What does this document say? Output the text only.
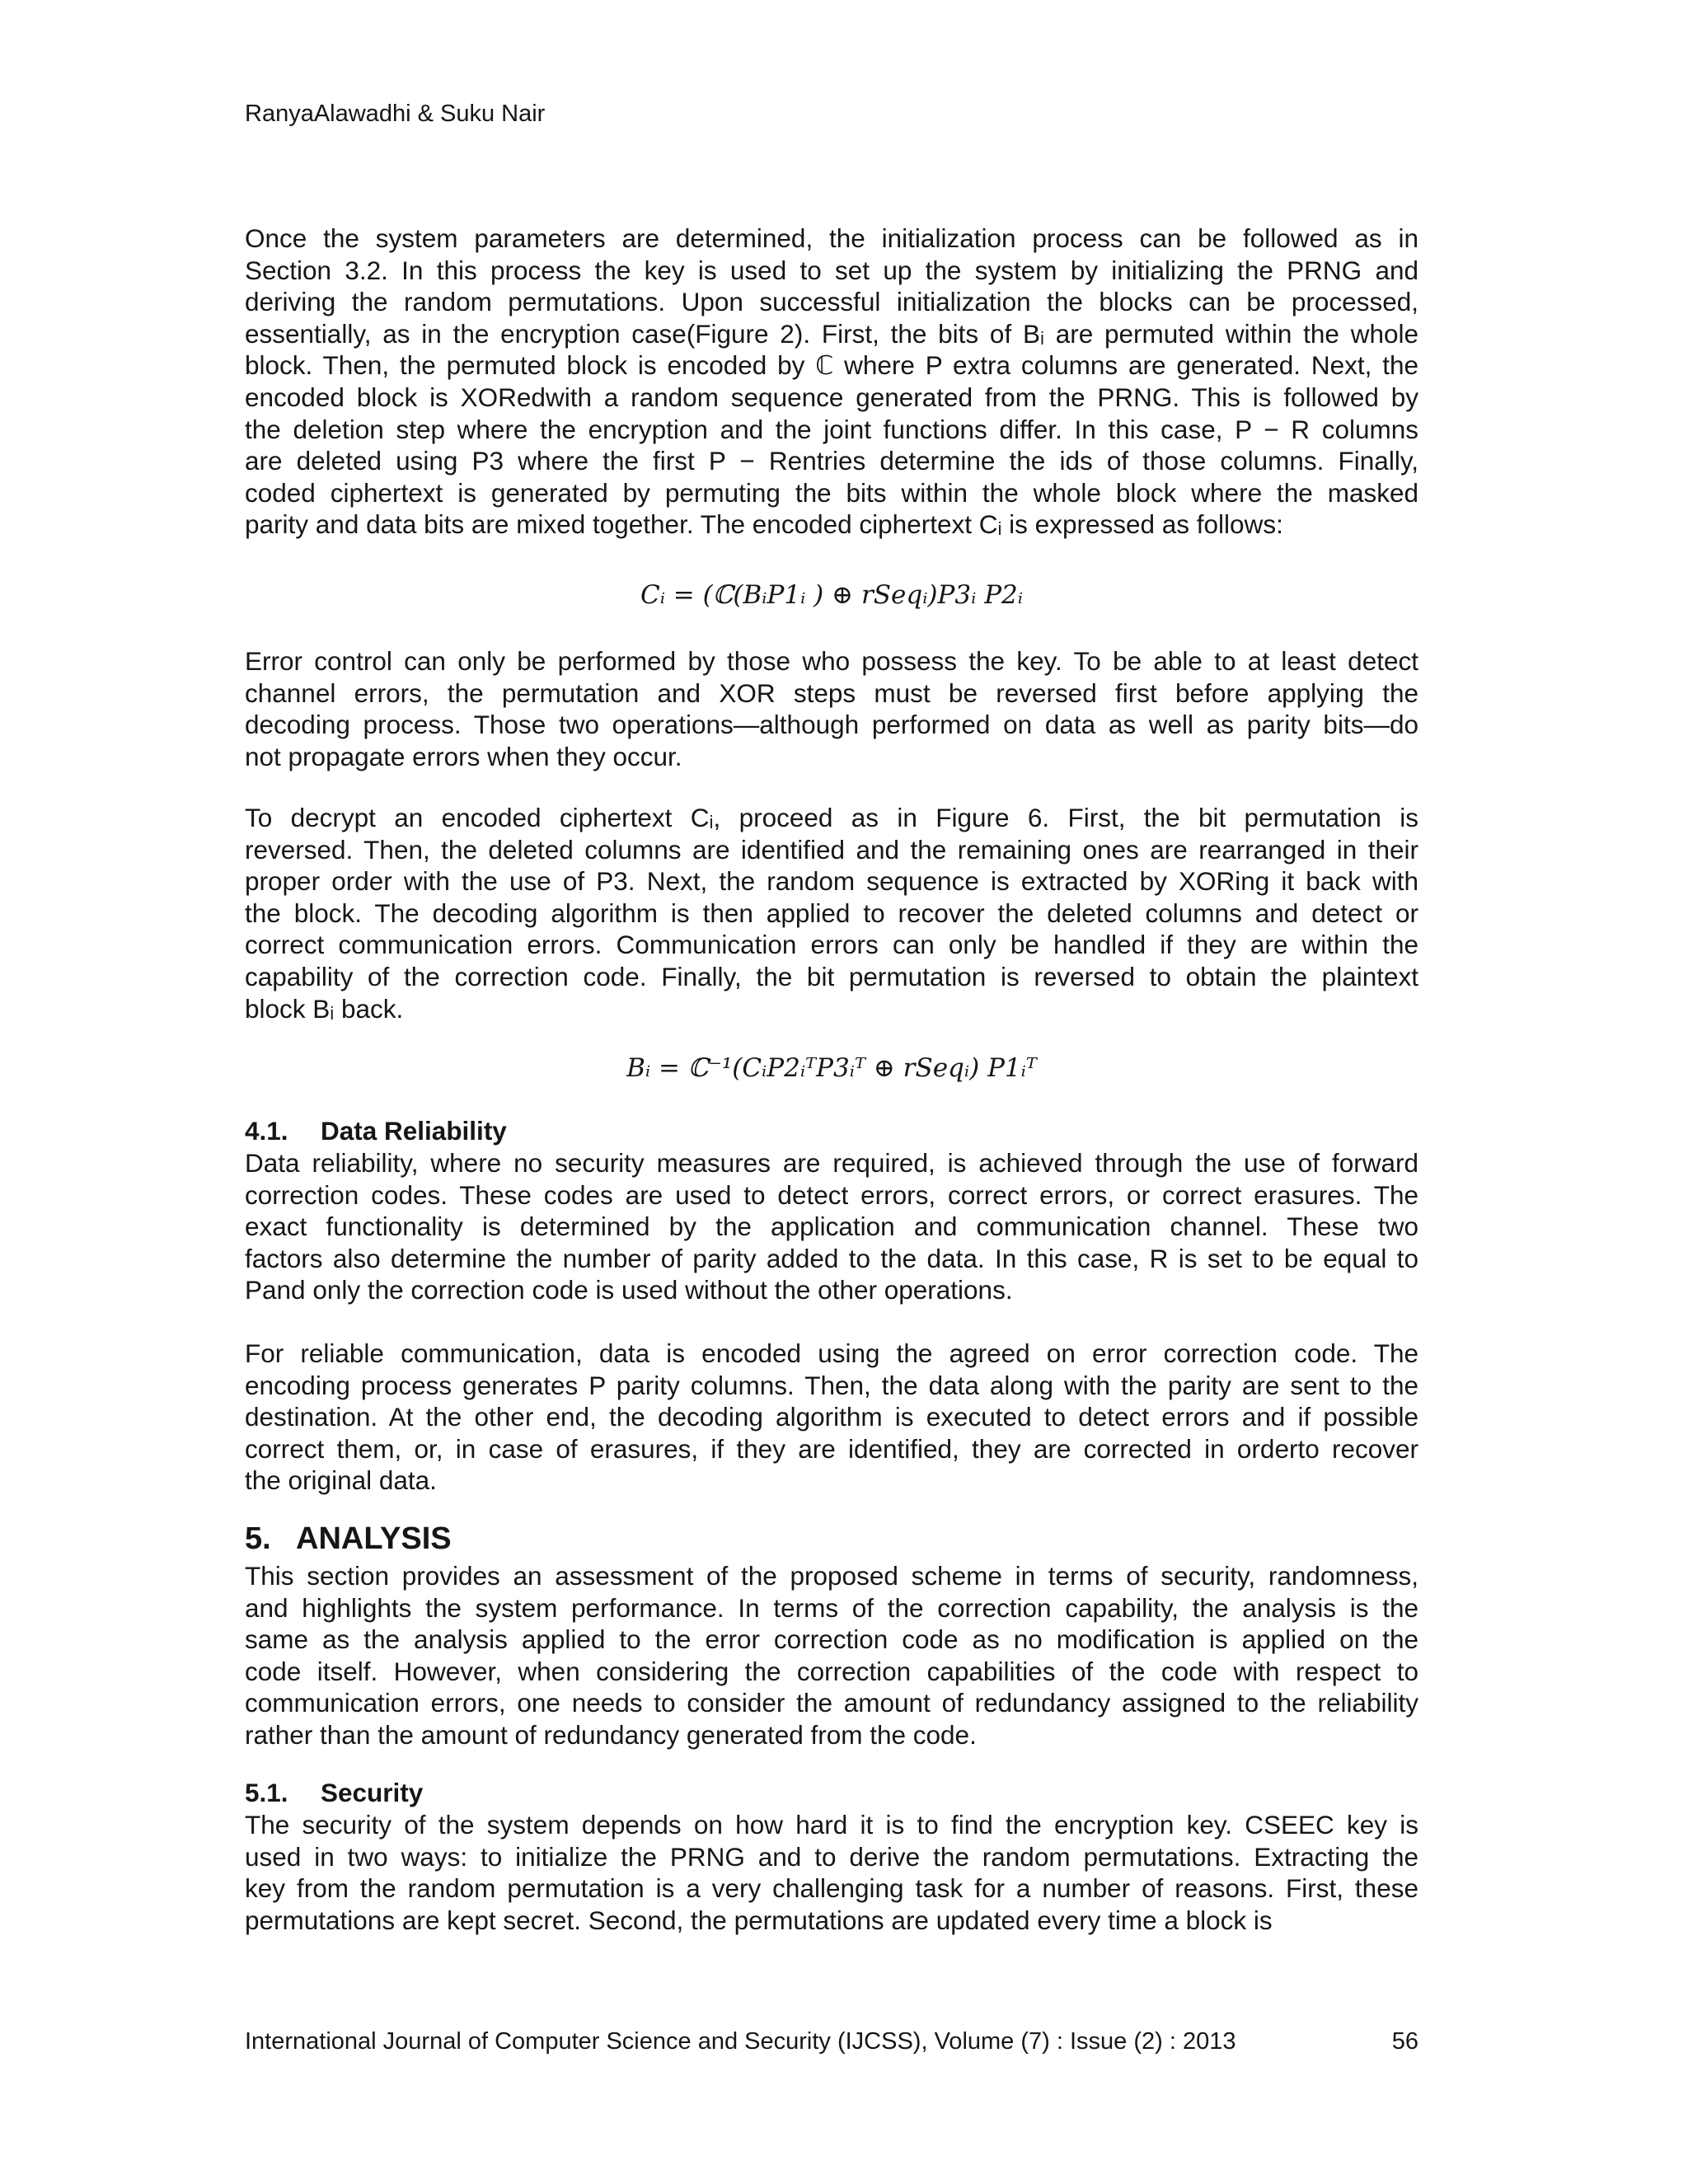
RanyaAlawadhi & Suku Nair
Once the system parameters are determined, the initialization process can be followed as in
Section 3.2. In this process the key is used to set up the system by initializing the PRNG and
deriving the random permutations. Upon successful initialization the blocks can be processed,
essentially, as in the encryption case(Figure 2). First, the bits of Bᵢ are permuted within the whole
block. Then, the permuted block is encoded by ℂ where P extra columns are generated. Next, the
encoded block is XORedwith a random sequence generated from the PRNG. This is followed by
the deletion step where the encryption and the joint functions differ. In this case, P − R columns
are deleted using P3 where the first P − Rentries determine the ids of those columns. Finally,
coded ciphertext is generated by permuting the bits within the whole block where the masked
parity and data bits are mixed together. The encoded ciphertext Cᵢ is expressed as follows:
Cᵢ = (ℂ(BᵢP1ᵢ ) ⊕ rSeqᵢ)P3ᵢ P2ᵢ
Error control can only be performed by those who possess the key. To be able to at least detect
channel errors, the permutation and XOR steps must be reversed first before applying the
decoding process. Those two operations—although performed on data as well as parity bits—do
not propagate errors when they occur.
To decrypt an encoded ciphertext Cᵢ, proceed as in Figure 6. First, the bit permutation is
reversed. Then, the deleted columns are identified and the remaining ones are rearranged in their
proper order with the use of P3. Next, the random sequence is extracted by XORing it back with
the block. The decoding algorithm is then applied to recover the deleted columns and detect or
correct communication errors. Communication errors can only be handled if they are within the
capability of the correction code. Finally, the bit permutation is reversed to obtain the plaintext
block Bᵢ back.
Bᵢ = ℂ⁻¹(CᵢP2ᵢᵀP3ᵢᵀ ⊕ rSeqᵢ) P1ᵢᵀ
4.1. Data Reliability
Data reliability, where no security measures are required, is achieved through the use of forward
correction codes. These codes are used to detect errors, correct errors, or correct erasures. The
exact functionality is determined by the application and communication channel. These two
factors also determine the number of parity added to the data. In this case, R is set to be equal to
Pand only the correction code is used without the other operations.
For reliable communication, data is encoded using the agreed on error correction code. The
encoding process generates P parity columns. Then, the data along with the parity are sent to the
destination. At the other end, the decoding algorithm is executed to detect errors and if possible
correct them, or, in case of erasures, if they are identified, they are corrected in orderto recover
the original data.
5. ANALYSIS
This section provides an assessment of the proposed scheme in terms of security, randomness,
and highlights the system performance. In terms of the correction capability, the analysis is the
same as the analysis applied to the error correction code as no modification is applied on the
code itself. However, when considering the correction capabilities of the code with respect to
communication errors, one needs to consider the amount of redundancy assigned to the reliability
rather than the amount of redundancy generated from the code.
5.1. Security
The security of the system depends on how hard it is to find the encryption key. CSEEC key is
used in two ways: to initialize the PRNG and to derive the random permutations. Extracting the
key from the random permutation is a very challenging task for a number of reasons. First, these
permutations are kept secret. Second, the permutations are updated every time a block is
International Journal of Computer Science and Security (IJCSS), Volume (7) : Issue (2) : 2013	56
